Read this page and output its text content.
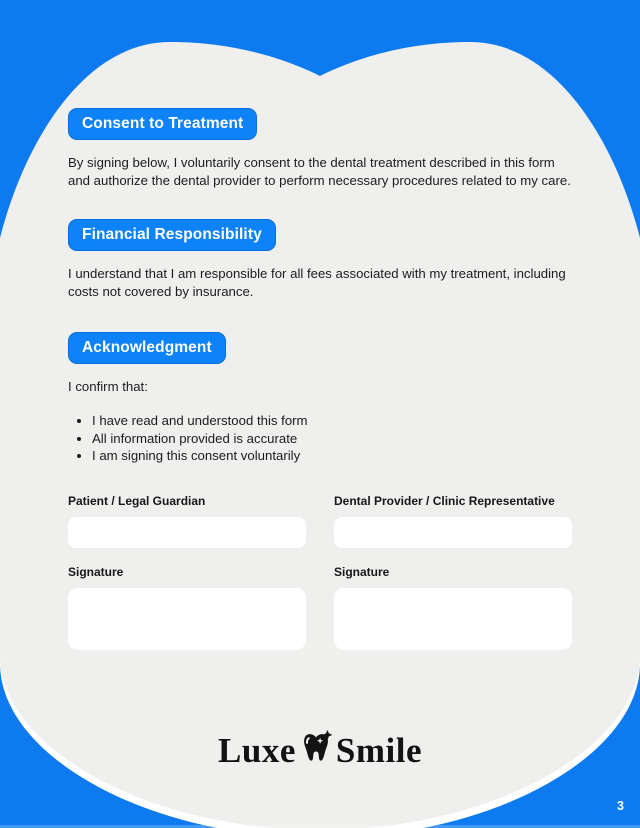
Consent to Treatment

By signing below, I voluntarily consent to the dental treatment described in this form and authorize the dental provider to perform necessary procedures related to my care.

Financial Responsibility

I understand that I am responsible for all fees associated with my treatment, including costs not covered by insurance.

Acknowledgment

I confirm that:

• I have read and understood this form
• All information provided is accurate
• I am signing this consent voluntarily
Patient / Legal Guardian
Signature
Dental Provider / Clinic Representative
Signature
Luxe Smile
3
